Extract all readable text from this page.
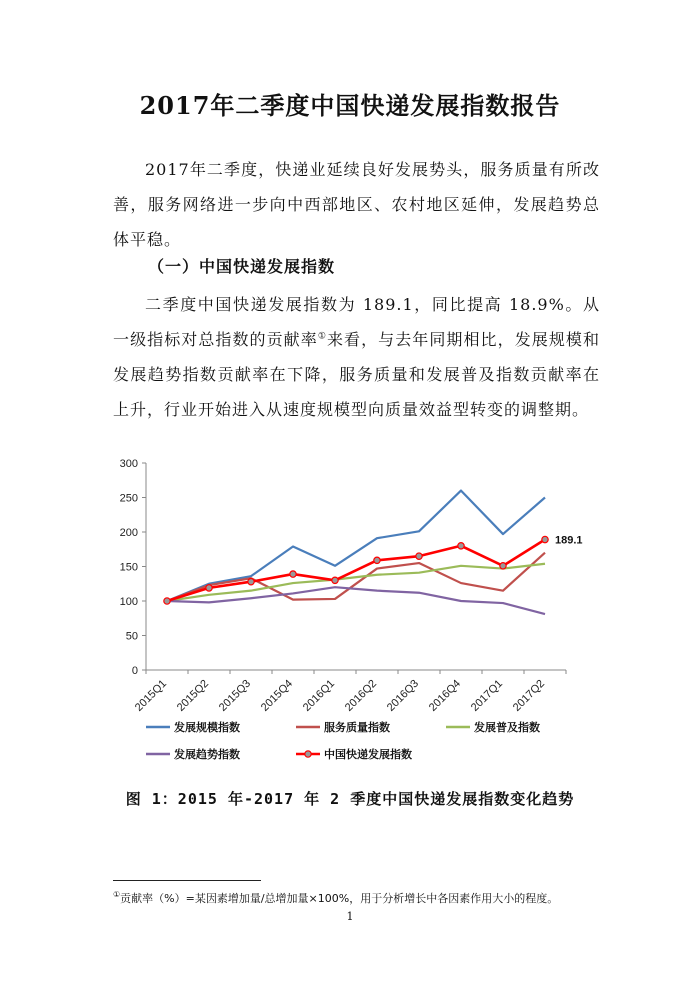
2017年二季度中国快递发展指数报告
2017年二季度，快递业延续良好发展势头，服务质量有所改善，服务网络进一步向中西部地区、农村地区延伸，发展趋势总体平稳。
（一）中国快递发展指数
二季度中国快递发展指数为 189.1，同比提高 18.9%。从一级指标对总指数的贡献率①来看，与去年同期相比，发展规模和发展趋势指数贡献率在下降，服务质量和发展普及指数贡献率在上升，行业开始进入从速度规模型向质量效益型转变的调整期。
0
50
100
150
200
250
300
2015Q1 2015Q2 2015Q3 2015Q4 2016Q1 2016Q2 2016Q3 2016Q4 2017Q1 2017Q2
189.1
发展规模指数	服务质量指数	发展普及指数
发展趋势指数	中国快递发展指数
图 1：2015 年-2017 年 2 季度中国快递发展指数变化趋势
①贡献率（%）=某因素增加量/总增加量×100%，用于分析增长中各因素作用大小的程度。
1
